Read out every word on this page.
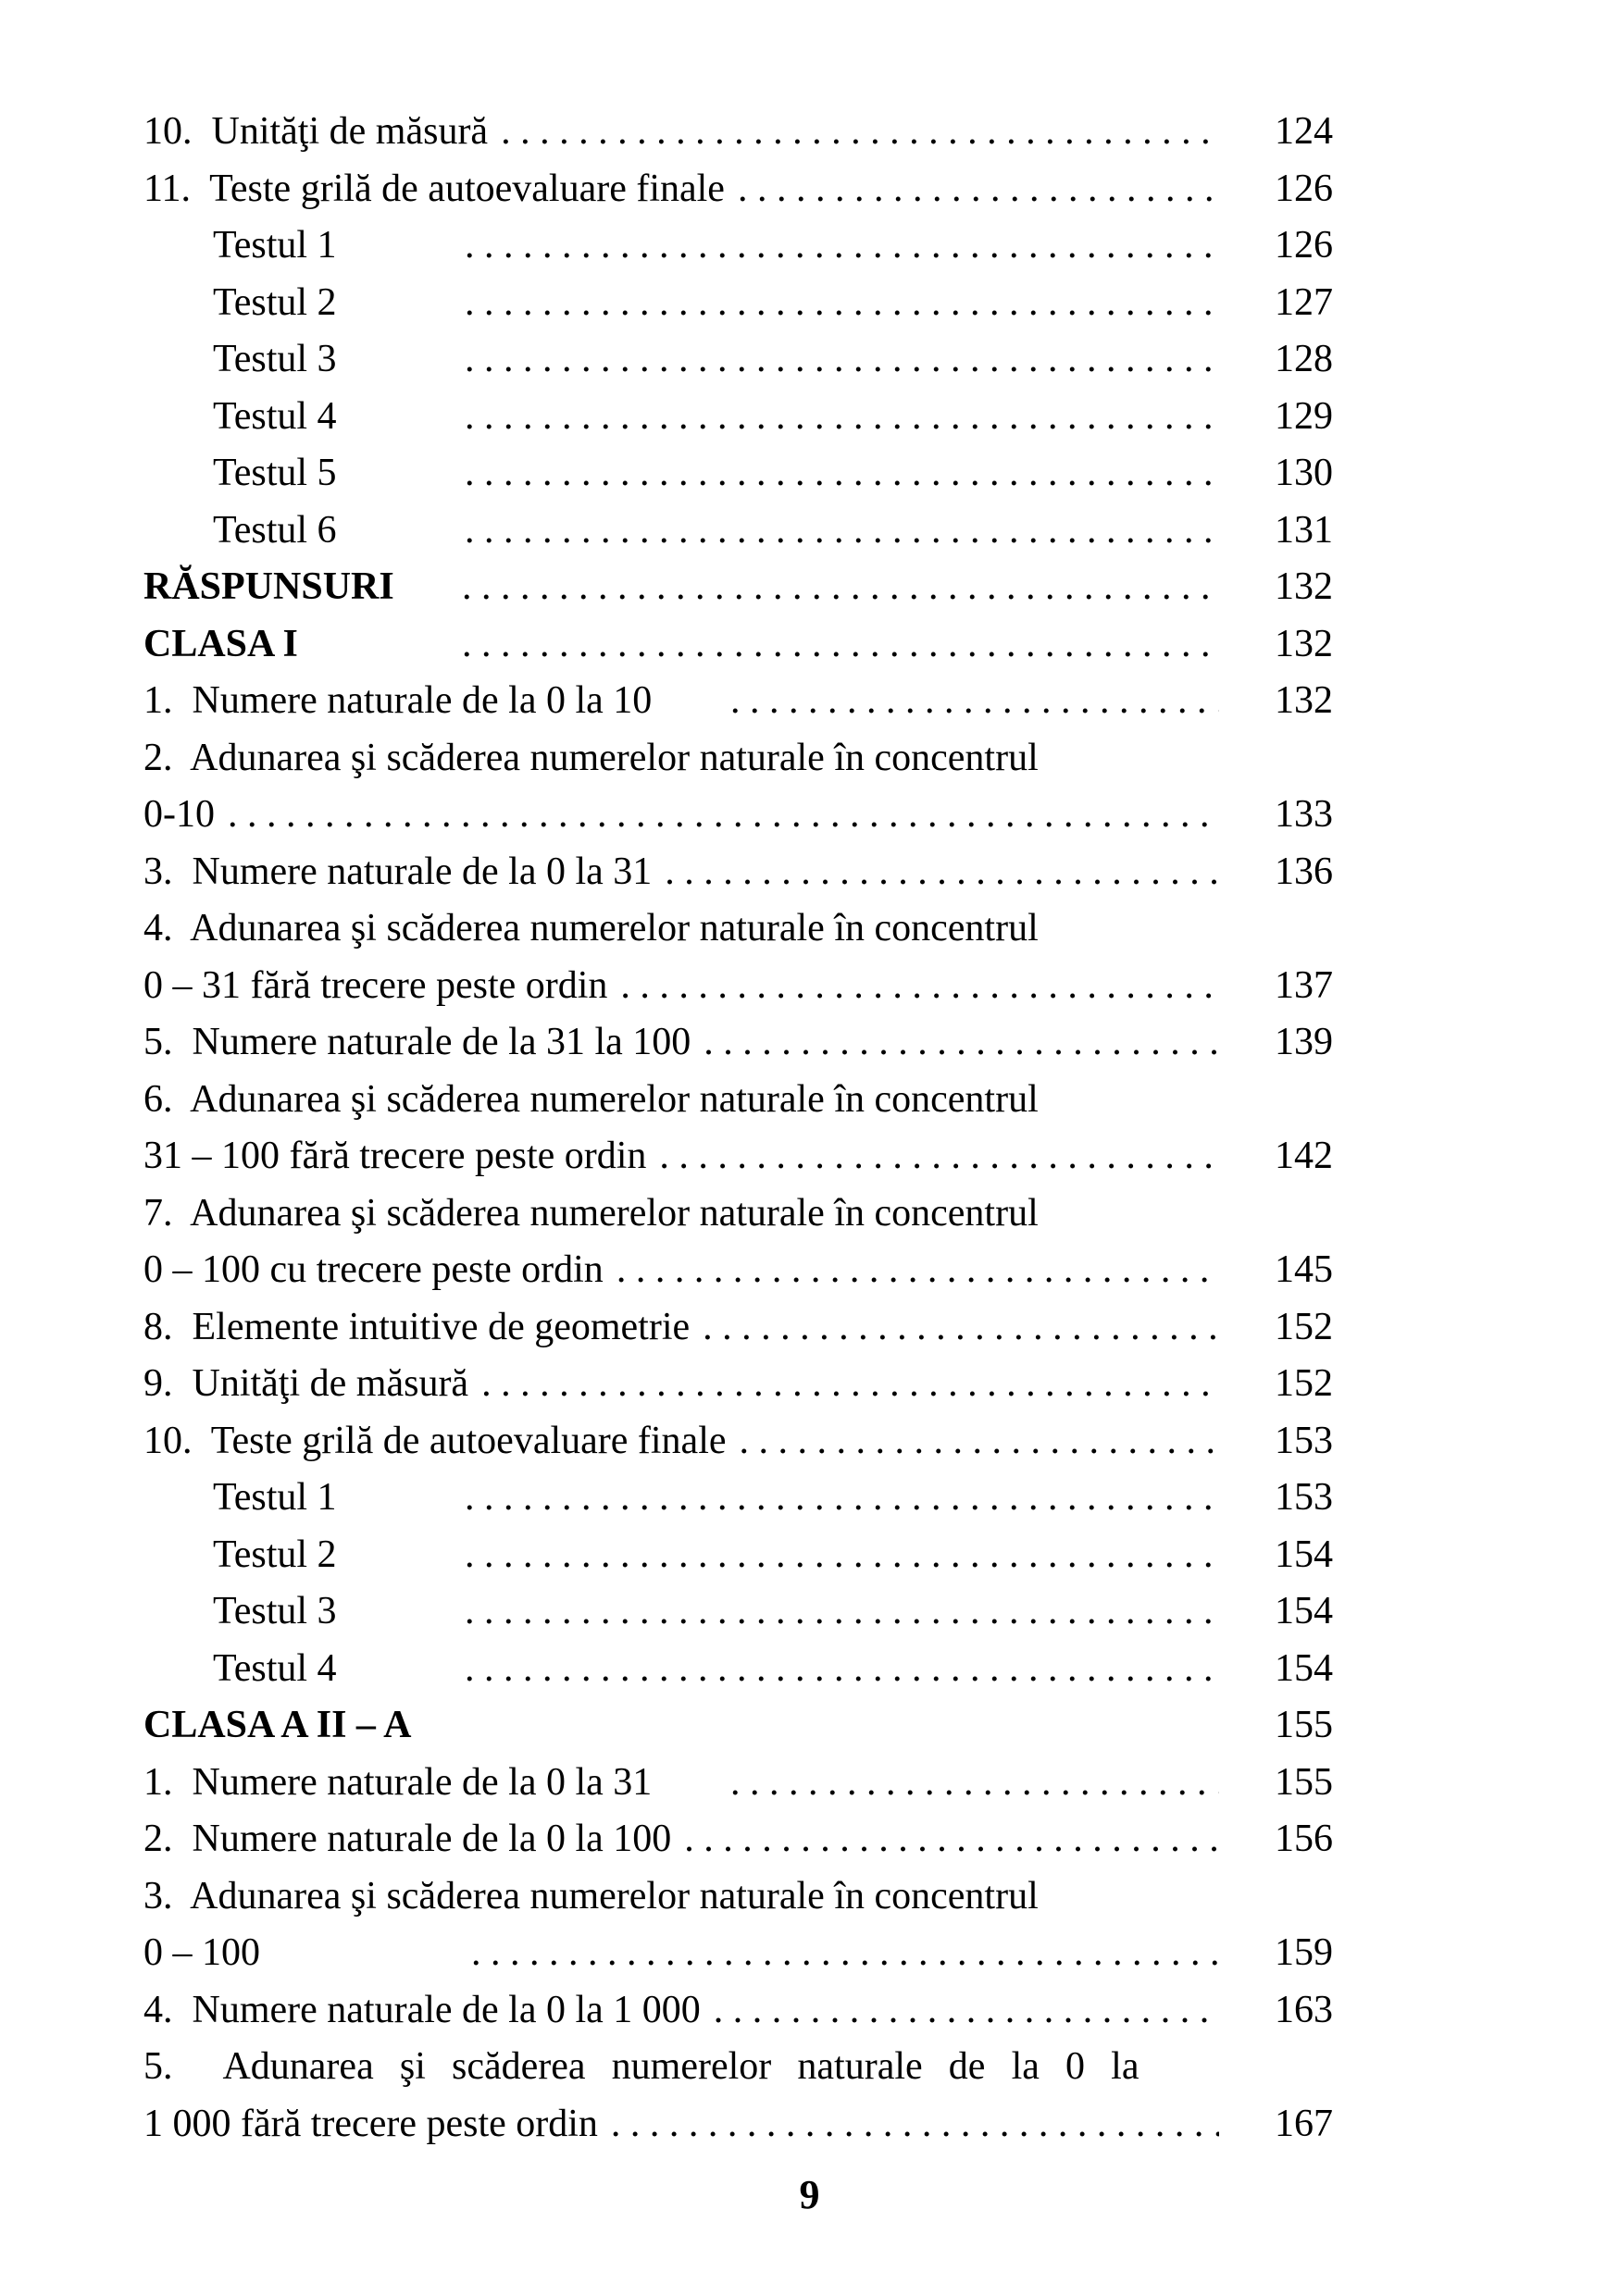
10.  Unităţi de măsură . . .	124
11.  Teste grilă de autoevaluare finale . . .	126
Testul 1 . . .	126
Testul 2 . . .	127
Testul 3 . . .	128
Testul 4 . . .	129
Testul 5 . . .	130
Testul 6 . . .	131
RĂSPUNSURI . . .	132
CLASA I . . .	132
1.  Numere naturale de la 0 la 10 . . .	132
2.  Adunarea şi scăderea numerelor naturale în concentrul
0-10 . . .	133
3.  Numere naturale de la 0 la 31 . . .	136
4.  Adunarea şi scăderea numerelor naturale în concentrul
0 – 31 fără trecere peste ordin . . .	137
5.  Numere naturale de la 31 la 100 . . .	139
6.  Adunarea şi scăderea numerelor naturale în concentrul
31 – 100 fără trecere peste ordin . . .	142
7.  Adunarea şi scăderea numerelor naturale în concentrul
0 – 100 cu trecere peste ordin . . .	145
8.  Elemente intuitive de geometrie . . .	152
9.  Unităţi de măsură . . .	152
10.  Teste grilă de autoevaluare finale . . .	153
Testul 1 . . .	153
Testul 2 . . .	154
Testul 3 . . .	154
Testul 4 . . .	154
CLASA A II – A	155
1.  Numere naturale de la 0 la 31 . . .	155
2.  Numere naturale de la 0 la 100 . . .	156
3.  Adunarea şi scăderea numerelor naturale în concentrul
0 – 100 . . .	159
4.  Numere naturale de la 0 la 1 000 . . .	163
5.  Adunarea şi scăderea numerelor naturale de la 0 la
1 000 fără trecere peste ordin . . .	167
9
